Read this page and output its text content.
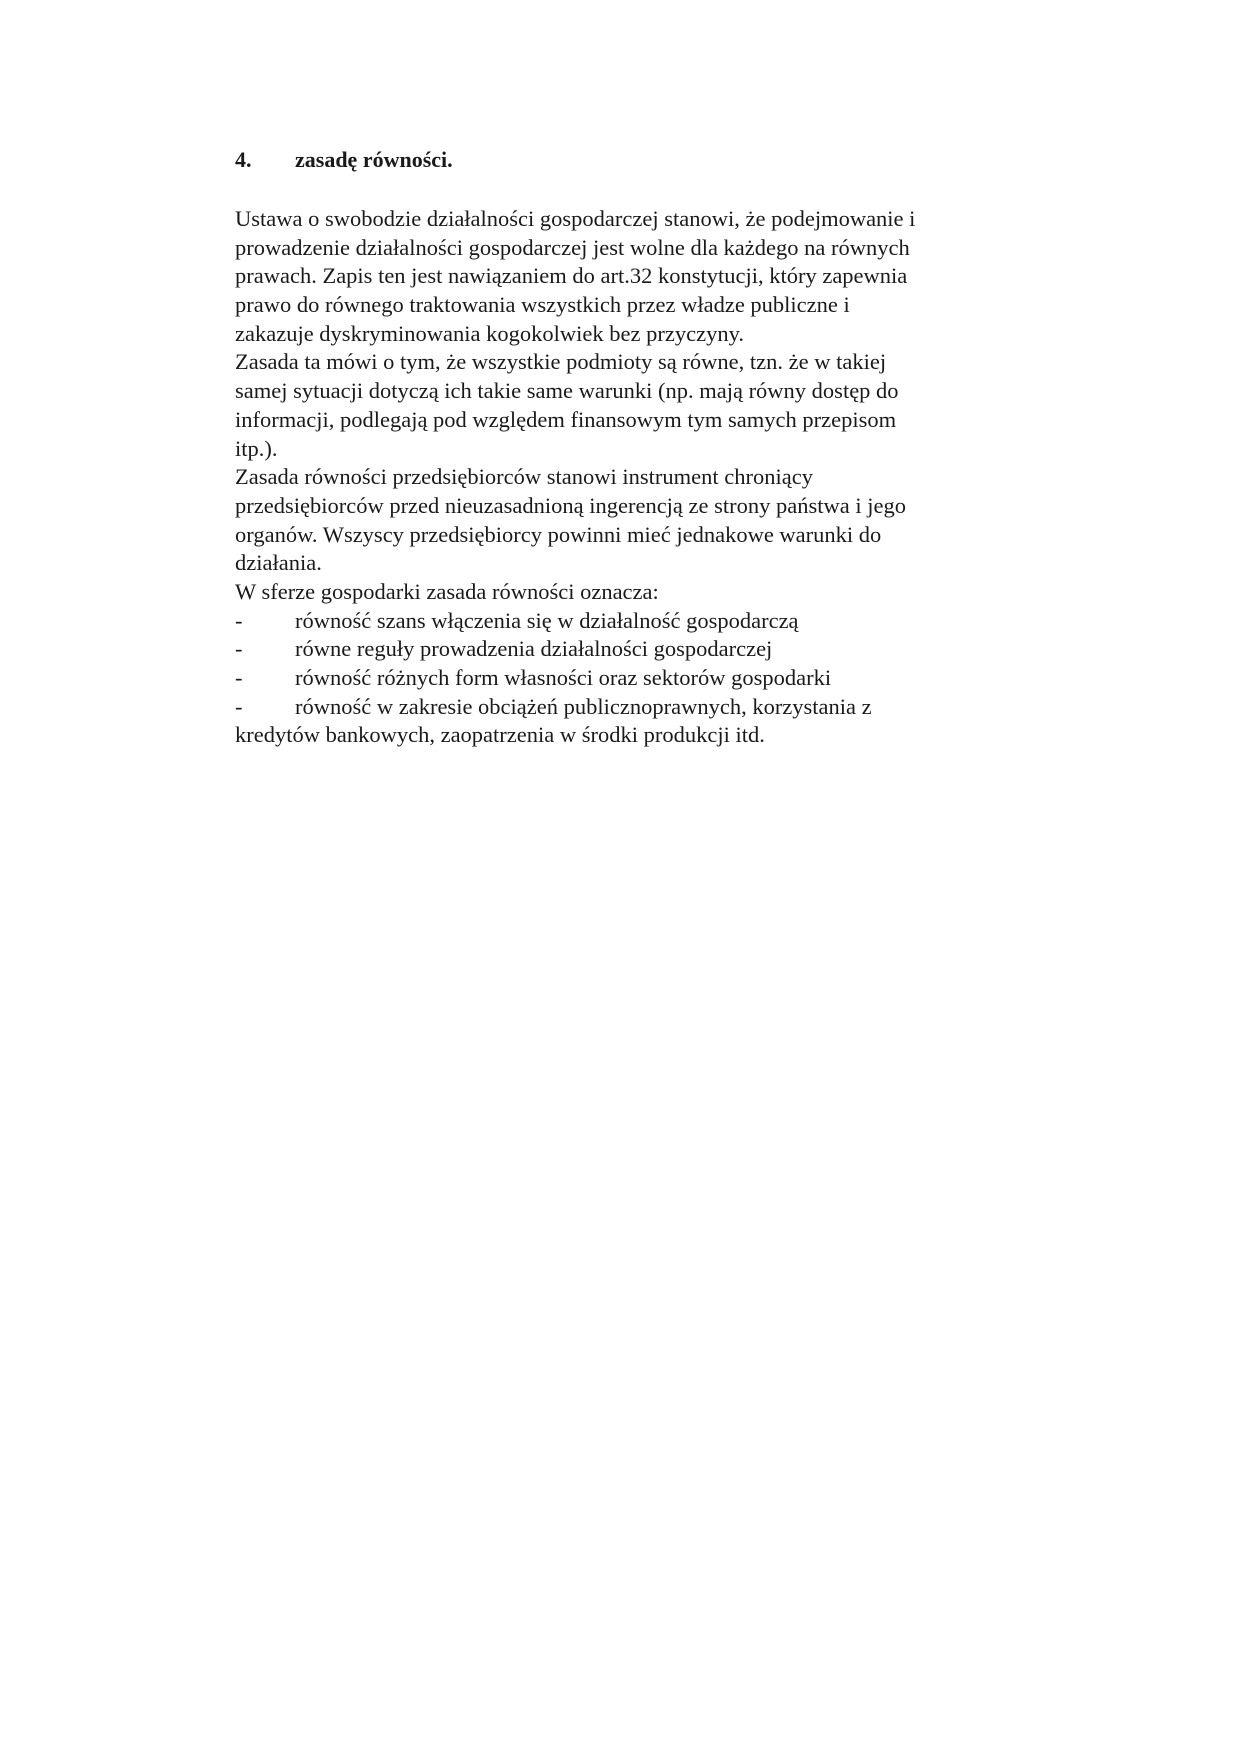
4. zasadę równości.
Ustawa o swobodzie działalności gospodarczej stanowi, że podejmowanie i
prowadzenie działalności gospodarczej jest wolne dla każdego na równych
prawach. Zapis ten jest nawiązaniem do art.32 konstytucji, który zapewnia
prawo do równego traktowania wszystkich przez władze publiczne i
zakazuje dyskryminowania kogokolwiek bez przyczyny.
Zasada ta mówi o tym, że wszystkie podmioty są równe, tzn. że w takiej
samej sytuacji dotyczą ich takie same warunki (np. mają równy dostęp do
informacji, podlegają pod względem finansowym tym samych przepisom
itp.).
Zasada równości przedsiębiorców stanowi instrument chroniący
przedsiębiorców przed nieuzasadnioną ingerencją ze strony państwa i jego
organów. Wszyscy przedsiębiorcy powinni mieć jednakowe warunki do
działania.
W sferze gospodarki zasada równości oznacza:
- równość szans włączenia się w działalność gospodarczą
- równe reguły prowadzenia działalności gospodarczej
- równość różnych form własności oraz sektorów gospodarki
- równość w zakresie obciążeń publicznoprawnych, korzystania z
kredytów bankowych, zaopatrzenia w środki produkcji itd.
